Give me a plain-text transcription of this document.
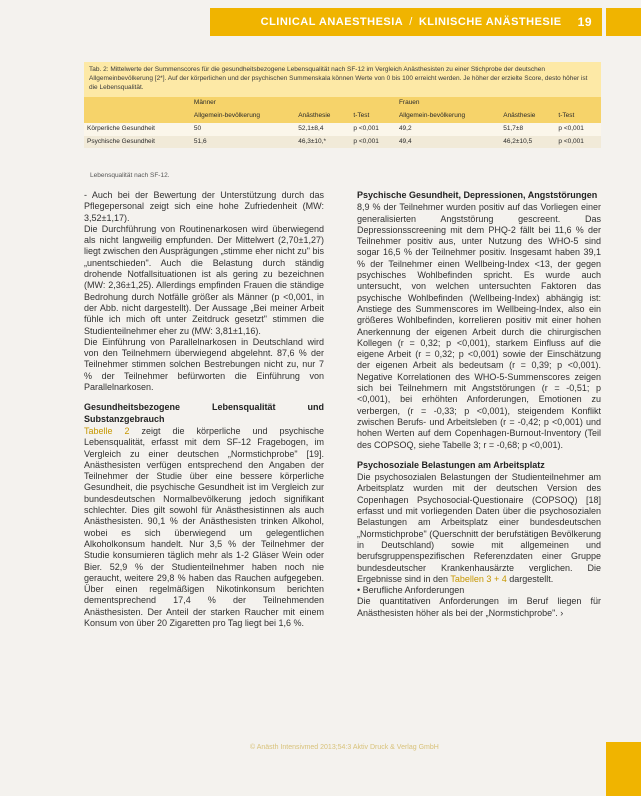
CLINICAL ANAESTHESIA / KLINISCHE ANÄSTHESIE 19
Tab. 2: Mittelwerte der Summenscores für die gesundheitsbezogene Lebensqualität nach SF-12 im Vergleich Anästhesisten zu einer Stichprobe der deutschen Allgemeinbevölkerung [2*]. Auf der körperlichen und der psychischen Summenskala können Werte von 0 bis 100 erreicht werden. Je höher der erzielte Score, desto höher ist die Lebensqualität.
	Männer			Frauen		
	Allgemein-bevölkerung	Anästhesie	t-Test	Allgemein-bevölkerung	Anästhesie	t-Test
Körperliche Gesundheit	50	52,1±8,4	p <0,001	49,2	51,7±8	p <0,001
Psychische Gesundheit	51,6	46,3±10,*	p <0,001	49,4	46,2±10,5	p <0,001
Lebensqualität nach SF-12.

- Auch bei der Bewertung der Unterstützung durch das Pflegepersonal zeigt sich eine hohe Zufriedenheit (MW: 3,52±1,17).

Die Durchführung von Routinenarkosen wird überwiegend als nicht langweilig empfunden. Der Mittelwert (2,70±1,27) liegt zwischen den Ausprägungen „stimme eher nicht zu" bis „unentschieden". Auch die Belastung durch ständig drohende Notfallsituationen ist als gering zu bezeichnen (MW: 2,36±1,25). Allerdings empfinden Frauen die ständige Bedrohung durch Notfälle größer als Männer (p <0,001, in der Abb. nicht dargestellt). Der Aussage „Bei meiner Arbeit fühle ich mich oft unter Zeitdruck gesetzt" stimmen die Studienteilnehmer eher zu (MW: 3,81±1,16).

Die Einführung von Parallelnarkosen in Deutschland wird von den Teilnehmern überwiegend abgelehnt. 87,6 % der Teilnehmer stimmen solchen Bestrebungen nicht zu, nur 7 % der Teilnehmer befürworten die Einführung von Parallelnarkosen.

Gesundheitsbezogene Lebensqualität und Substanzgebrauch

Tabelle 2 zeigt die körperliche und psychische Lebensqualität, erfasst mit dem SF-12 Fragebogen, im Vergleich zu einer deutschen „Normstichprobe" [19]. Anästhesisten verfügen entsprechend den Angaben der Teilnehmer der Studie über eine bessere körperliche Gesundheit, die psychische Gesundheit ist im Vergleich zur bundesdeutschen Normalbevölkerung jedoch signifikant schlechter. Dies gilt sowohl für Anästhesistinnen als auch Anästhesisten. 90,1 % der Anästhesisten trinken Alkohol, wobei es sich überwiegend um gelegentlichen Alkoholkonsum handelt. Nur 3,5 % der Teilnehmer der Studie konsumieren täglich mehr als 1-2 Gläser Wein oder Bier. 52,9 % der Studienteilnehmer haben noch nie geraucht, weitere 29,8 % haben das Rauchen aufgegeben. Über einen regelmäßigen Nikotinkonsum berichten dementsprechend 17,4 % der Teilnehmenden Anästhesisten. Der Anteil der starken Raucher mit einem Konsum von über 20 Zigaretten pro Tag liegt bei 1,6 %.

Psychische Gesundheit, Depressionen, Angststörungen

8,9 % der Teilnehmer wurden positiv auf das Vorliegen einer generalisierten Angststörung gescreent. Das Depressionsscreening mit dem PHQ-2 fällt bei 11,6 % der Teilnehmer positiv aus, unter Nutzung des WHO-5 sind sogar 16,5 % der Teilnehmer positiv. Insgesamt haben 39,1 % der Teilnehmer einen Wellbeing-Index <13, der gegen psychisches Wohlbefinden spricht. Es wurde auch untersucht, von welchen untersuchten Faktoren das psychische Wohlbefinden (Wellbeing-Index) abhängig ist: Anstiege des Summenscores im Wellbeing-Index, also ein größeres Wohlbefinden, korrelieren positiv mit einer hohen Anerkennung der eigenen Arbeit durch die chirurgischen Kollegen (r = 0,32; p <0,001), starkem Einfluss auf die eigene Arbeit (r = 0,32; p <0,001) sowie der Einschätzung der eigenen Arbeit als bedeutsam (r = 0,39; p <0,001). Negative Korrelationen des WHO-5-Summenscores zeigen sich bei Teilnehmern mit Angststörungen (r = -0,51; p <0,001), bei erhöhten Anforderungen, Emotionen zu verbergen, (r = -0,33; p <0,001), steigendem Konflikt zwischen Berufs- und Arbeitsleben (r = -0,42; p <0,001) und hohen Werten auf dem Copenhagen-Burnout-Inventory (Teil des COPSOQ, siehe Tabelle 3; r = -0,68; p <0,001).

Psychosoziale Belastungen am Arbeitsplatz

Die psychosozialen Belastungen der Studienteilnehmer am Arbeitsplatz wurden mit der deutschen Version des Copenhagen Psychosocial-Questionaire (COPSOQ) [18] erfasst und mit vorliegenden Daten über die psychosozialen Belastungen am Arbeitsplatz einer bundesdeutschen „Normstichprobe" (Querschnitt der berufstätigen Bevölkerung in Deutschland) sowie mit allgemeinen und berufsgruppenspezifischen Referenzdaten einer Gruppe bundesdeutscher Krankenhausärzte verglichen. Die Ergebnisse sind in den Tabellen 3 + 4 dargestellt.

• Berufliche Anforderungen

Die quantitativen Anforderungen im Beruf liegen für Anästhesisten höher als bei der „Normstichprobe". ›

© Anästh Intensivmed 2013;54:3 Aktiv Druck & Verlag GmbH
